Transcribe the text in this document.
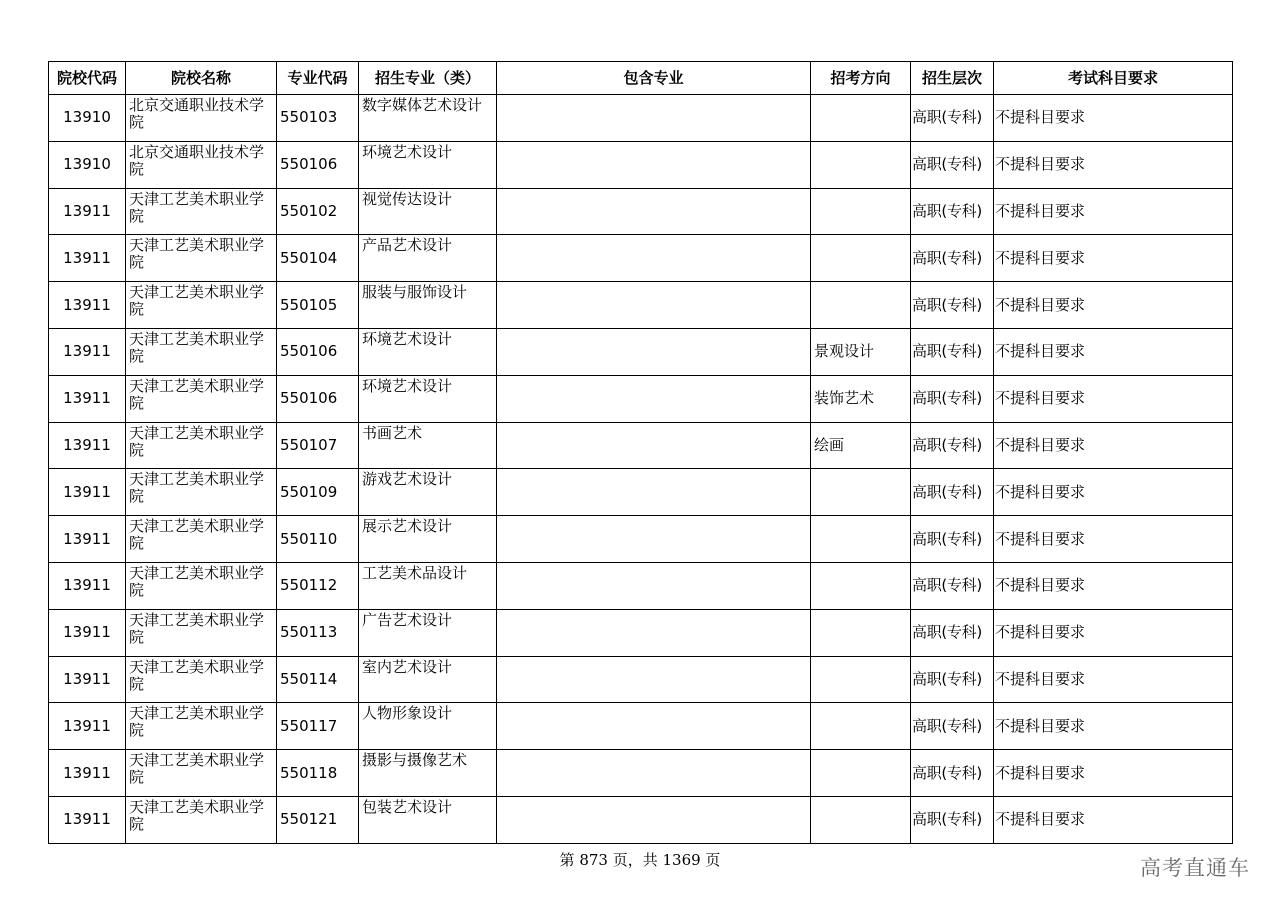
院校代码	院校名称	专业代码	招生专业（类）	包含专业	招考方向	招生层次	考试科目要求
13910	北京交通职业技术学院	550103	数字媒体艺术设计			高职(专科)	不提科目要求
13910	北京交通职业技术学院	550106	环境艺术设计			高职(专科)	不提科目要求
13911	天津工艺美术职业学院	550102	视觉传达设计			高职(专科)	不提科目要求
13911	天津工艺美术职业学院	550104	产品艺术设计			高职(专科)	不提科目要求
13911	天津工艺美术职业学院	550105	服装与服饰设计			高职(专科)	不提科目要求
13911	天津工艺美术职业学院	550106	环境艺术设计		景观设计	高职(专科)	不提科目要求
13911	天津工艺美术职业学院	550106	环境艺术设计		装饰艺术	高职(专科)	不提科目要求
13911	天津工艺美术职业学院	550107	书画艺术		绘画	高职(专科)	不提科目要求
13911	天津工艺美术职业学院	550109	游戏艺术设计			高职(专科)	不提科目要求
13911	天津工艺美术职业学院	550110	展示艺术设计			高职(专科)	不提科目要求
13911	天津工艺美术职业学院	550112	工艺美术品设计			高职(专科)	不提科目要求
13911	天津工艺美术职业学院	550113	广告艺术设计			高职(专科)	不提科目要求
13911	天津工艺美术职业学院	550114	室内艺术设计			高职(专科)	不提科目要求
13911	天津工艺美术职业学院	550117	人物形象设计			高职(专科)	不提科目要求
13911	天津工艺美术职业学院	550118	摄影与摄像艺术			高职(专科)	不提科目要求
13911	天津工艺美术职业学院	550121	包装艺术设计			高职(专科)	不提科目要求
第 873 页，共 1369 页	高考直通车
